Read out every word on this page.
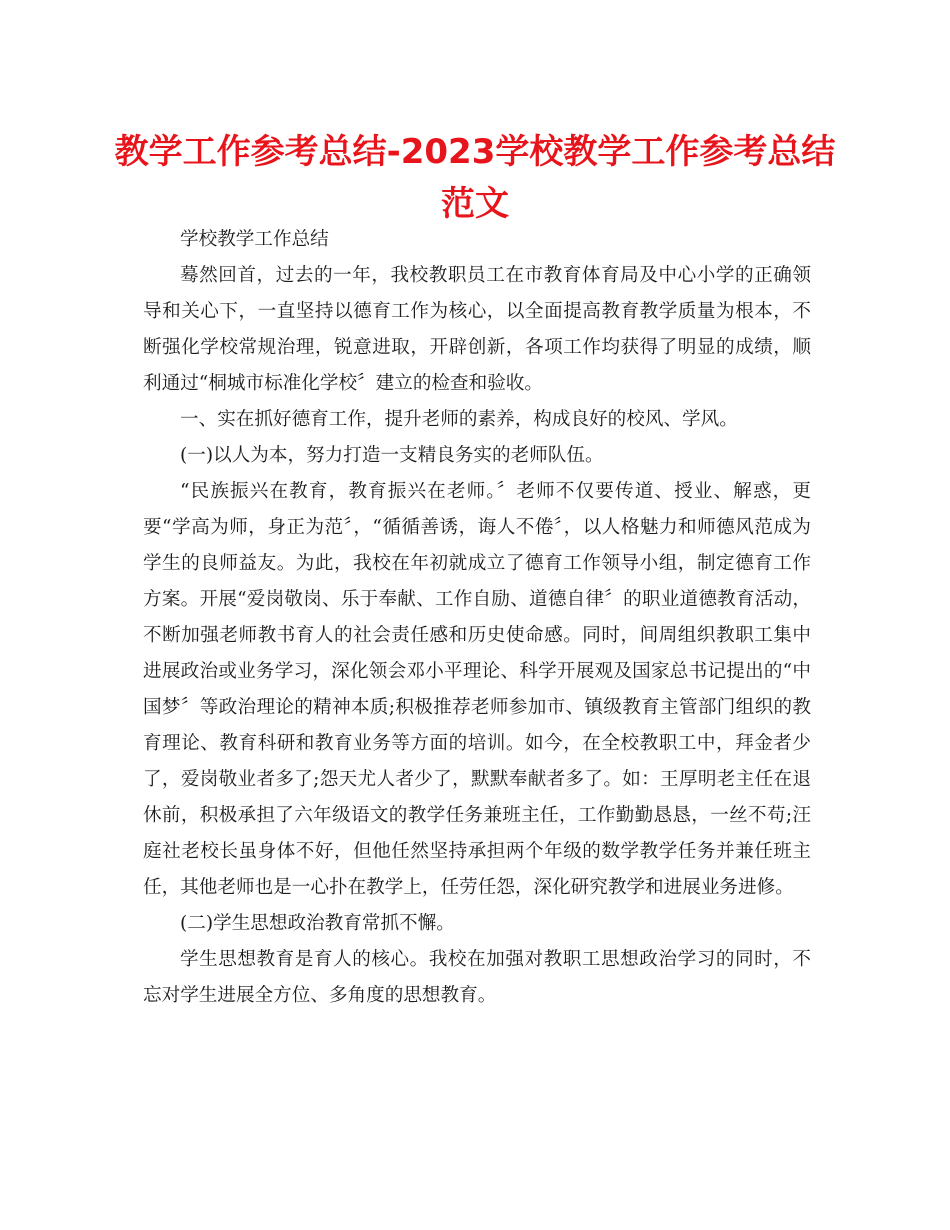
教学工作参考总结-2023学校教学工作参考总结范文

学校教学工作总结

蓦然回首，过去的一年，我校教职员工在市教育体育局及中心小学的正确领导和关心下，一直坚持以德育工作为核心，以全面提高教育教学质量为根本，不断强化学校常规治理，锐意进取，开辟创新，各项工作均获得了明显的成绩，顺利通过“桐城市标准化学校〞建立的检查和验收。

一、实在抓好德育工作，提升老师的素养，构成良好的校风、学风。

(一)以人为本，努力打造一支精良务实的老师队伍。

“民族振兴在教育，教育振兴在老师。〞老师不仅要传道、授业、解惑，更要“学高为师，身正为范〞，“循循善诱，诲人不倦〞，以人格魅力和师德风范成为学生的良师益友。为此，我校在年初就成立了德育工作领导小组，制定德育工作方案。开展“爱岗敬岗、乐于奉献、工作自励、道德自律〞的职业道德教育活动，不断加强老师教书育人的社会责任感和历史使命感。同时，间周组织教职工集中进展政治或业务学习，深化领会邓小平理论、科学开展观及国家总书记提出的“中国梦〞等政治理论的精神本质;积极推荐老师参加市、镇级教育主管部门组织的教育理论、教育科研和教育业务等方面的培训。如今，在全校教职工中，拜金者少了，爱岗敬业者多了;怨天尤人者少了，默默奉献者多了。如：王厚明老主任在退休前，积极承担了六年级语文的教学任务兼班主任，工作勤勤恳恳，一丝不苟;汪庭社老校长虽身体不好，但他任然坚持承担两个年级的数学教学任务并兼任班主任，其他老师也是一心扑在教学上，任劳任怨，深化研究教学和进展业务进修。

(二)学生思想政治教育常抓不懈。

学生思想教育是育人的核心。我校在加强对教职工思想政治学习的同时，不忘对学生进展全方位、多角度的思想教育。
